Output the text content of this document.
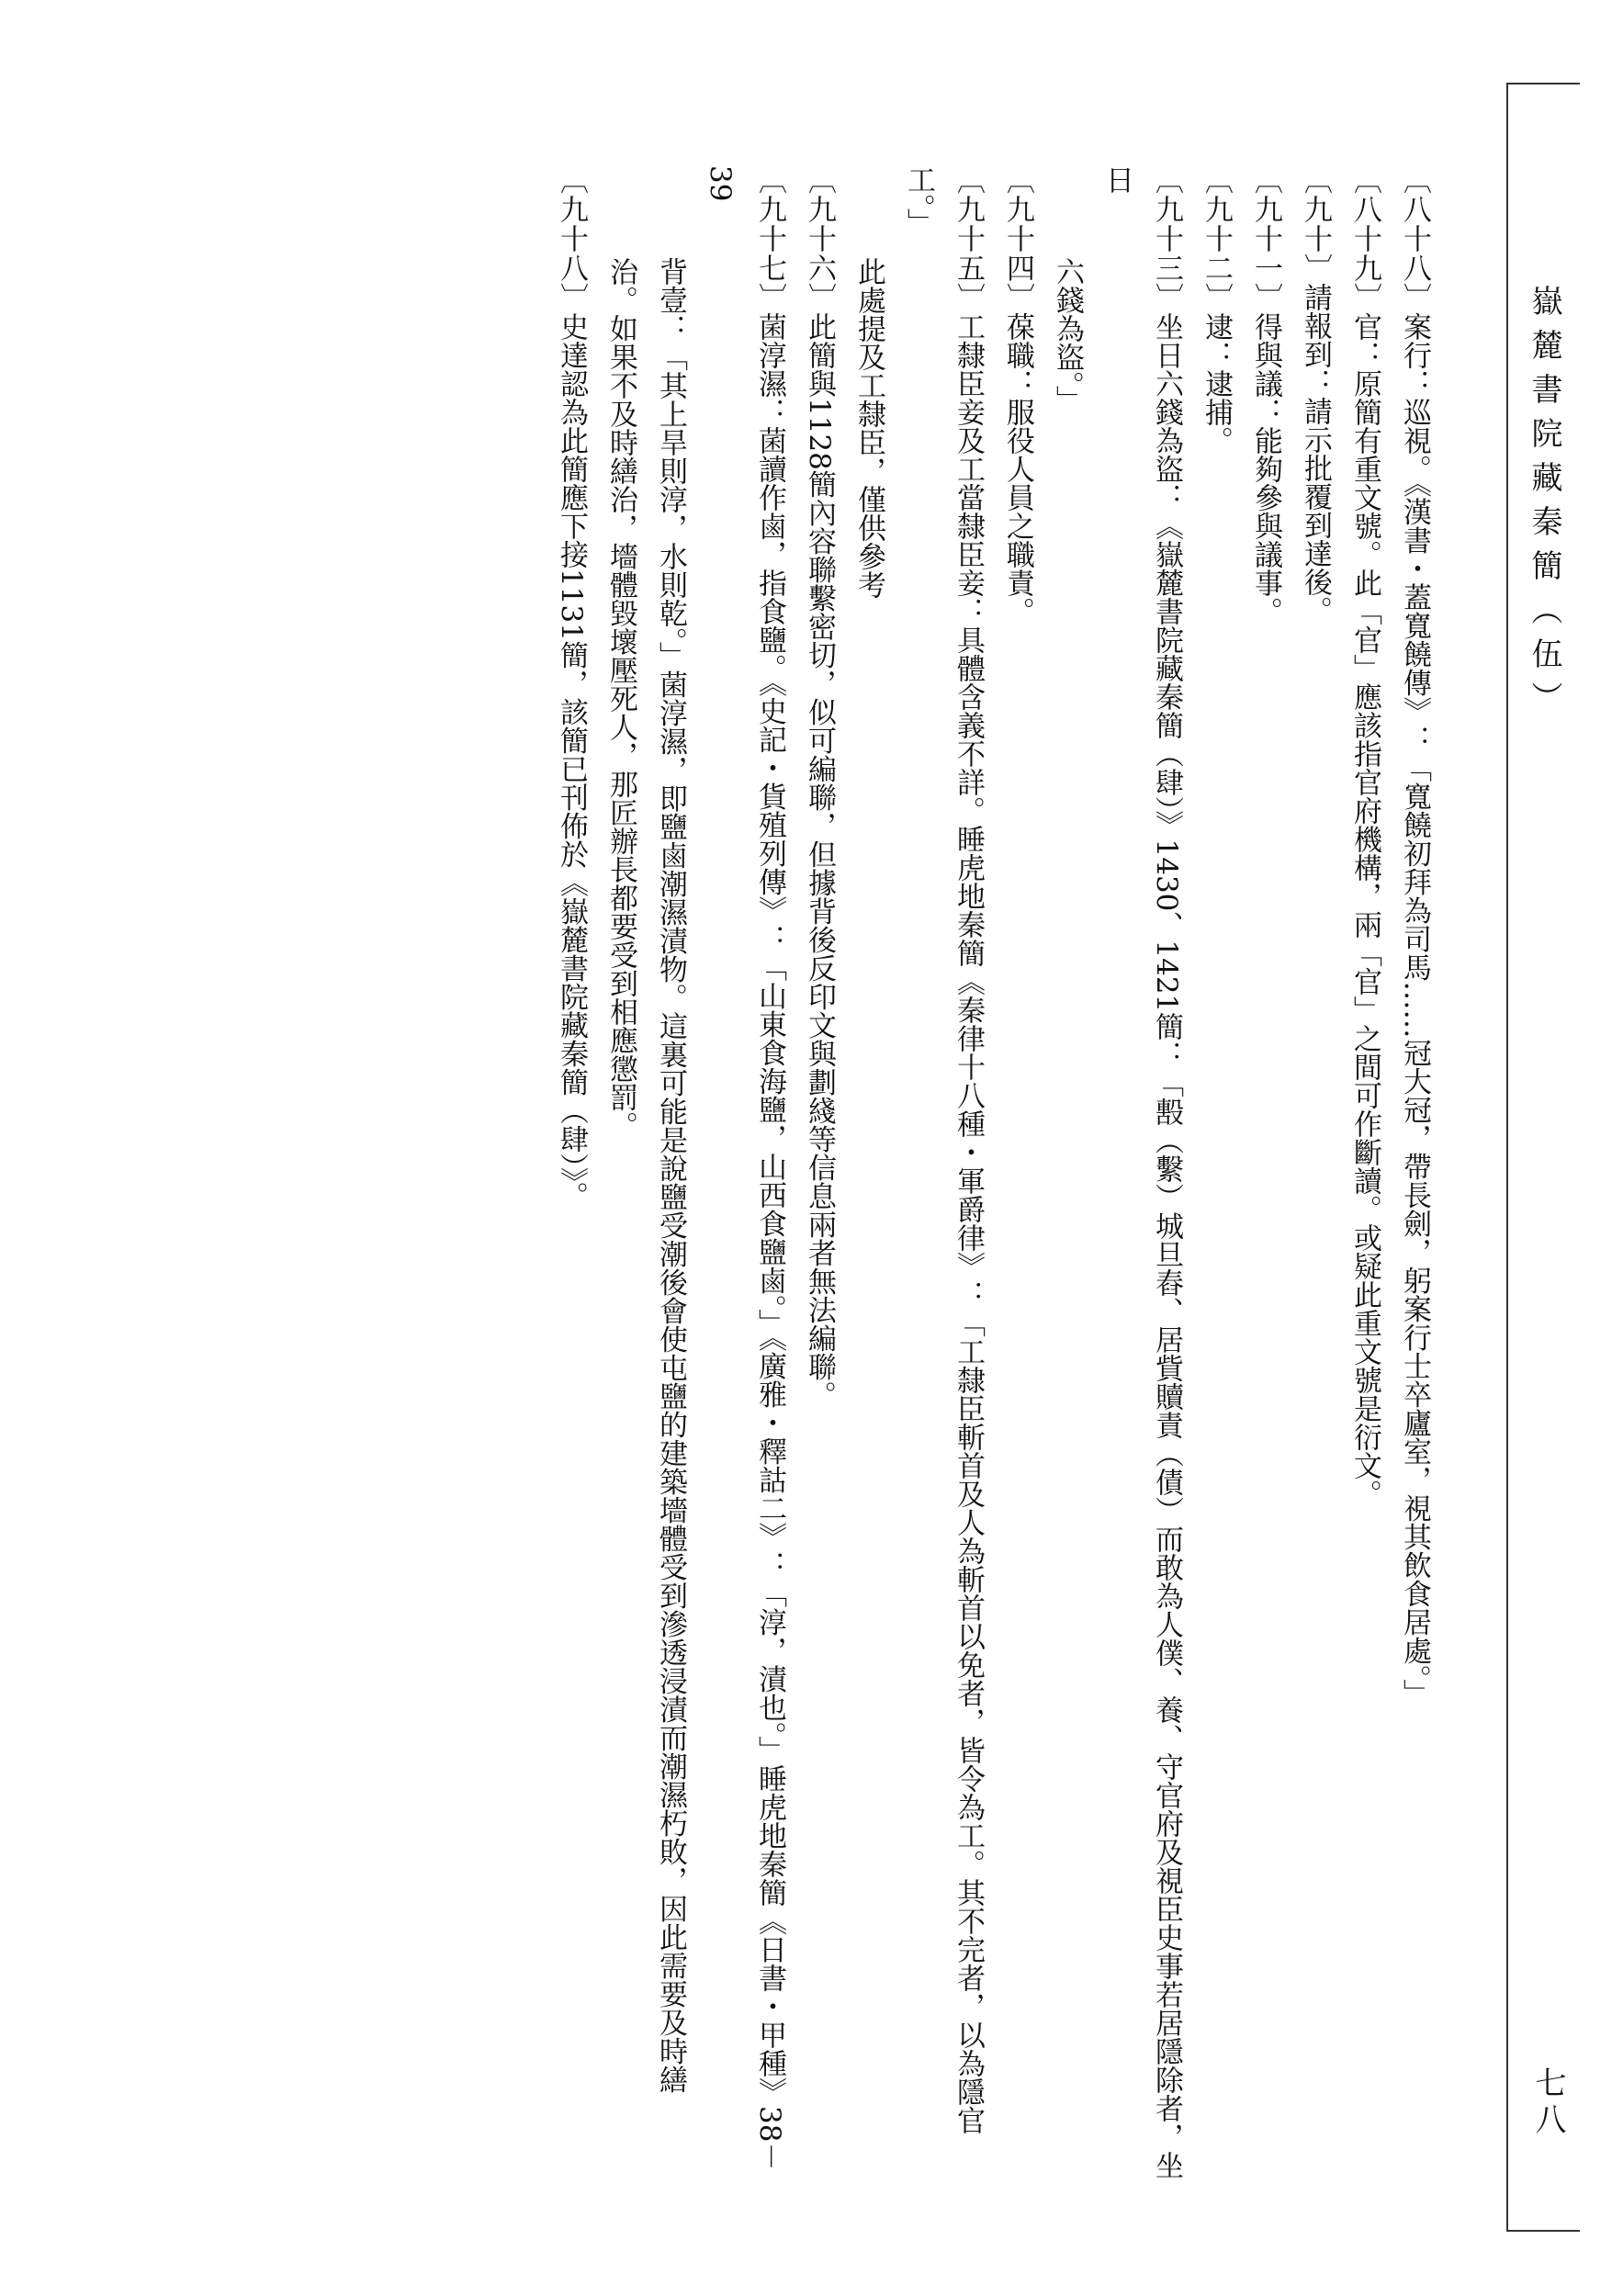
嶽麓書院藏秦簡（伍）
七八

〔八十八〕案行：巡視。《漢書・蓋寬饒傳》：「寬饒初拜為司馬……冠大冠，帶長劍，躬案行士卒廬室，視其飲食居處。」

〔八十九〕官：原簡有重文號。此「官」應該指官府機構，兩「官」之間可作斷讀。或疑此重文號是衍文。

〔九十〕請報到：請示批覆到達後。

〔九十一〕得與議：能夠參與議事。

〔九十二〕逮：逮捕。

〔九十三〕坐日六錢為盜：《嶽麓書院藏秦簡（肆）》1430、1421簡：「毄（繫）城旦舂、居貲贖責（債）而敢為人僕、養、守官府及視臣史事若居隱除者，坐日
六錢為盜。」

〔九十四〕葆職：服役人員之職責。

〔九十五〕工隸臣妾及工當隸臣妾：具體含義不詳。睡虎地秦簡《秦律十八種・軍爵律》：「工隸臣斬首及人為斬首以免者，皆令為工。其不完者，以為隱官工。」
此處提及工隸臣，僅供參考

〔九十六〕此簡與1128簡內容聯繫密切，似可編聯，但據背後反印文與劃綫等信息兩者無法編聯。

〔九十七〕菌淳濕：菌讀作鹵，指食鹽。《史記・貨殖列傳》：「山東食海鹽，山西食鹽鹵。」《廣雅・釋詁二》：「淳，漬也。」睡虎地秦簡《日書・甲種》38－39
背壹：「其上旱則淳，水則乾。」菌淳濕，即鹽鹵潮濕漬物。這裏可能是說鹽受潮後會使屯鹽的建築墻體受到滲透浸漬而潮濕朽敗，因此需要及時繕
治。如果不及時繕治，墻體毀壞壓死人，那匠辦長都要受到相應懲罰。

〔九十八〕史達認為此簡應下接1131簡，該簡已刊佈於《嶽麓書院藏秦簡（肆）》。
